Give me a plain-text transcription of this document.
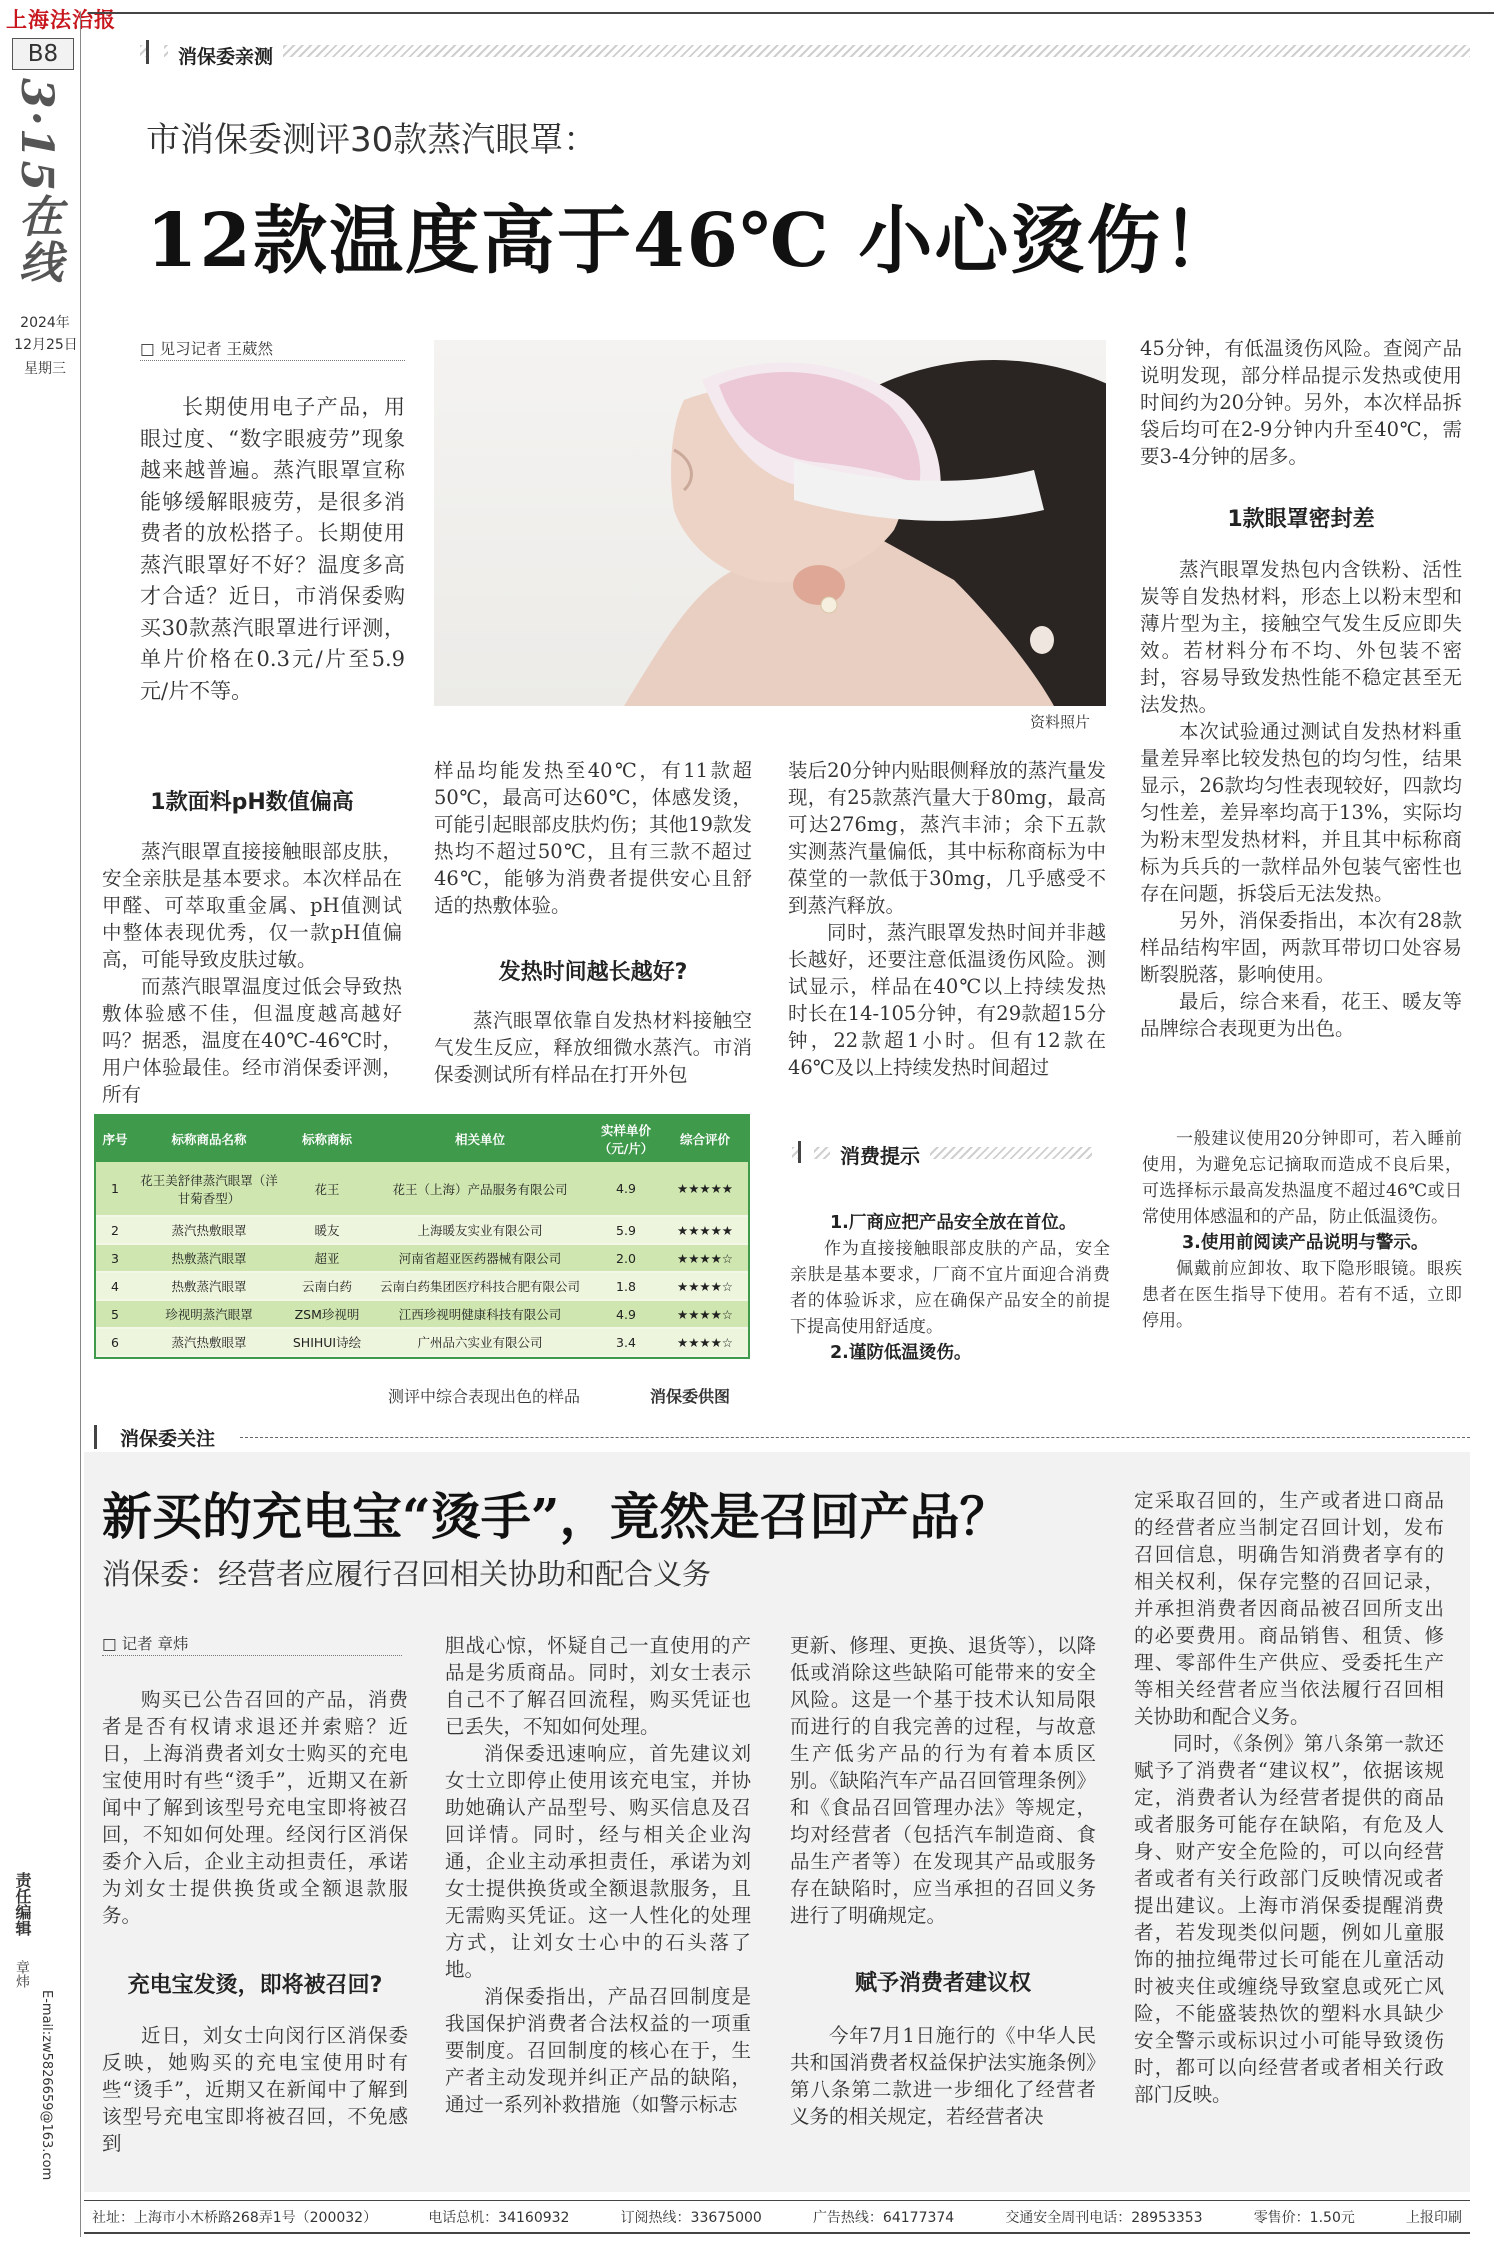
上海法治报
B8
3·15在线
2024年
12月25日
星期三
责任编辑
章炜
E-mail:zw5826659@163.com
消保委亲测
市消保委测评30款蒸汽眼罩：
12款温度高于46℃ 小心烫伤！
□ 见习记者 王葳然

长期使用电子产品，用眼过度、“数字眼疲劳”现象越来越普遍。蒸汽眼罩宣称能够缓解眼疲劳，是很多消费者的放松搭子。长期使用蒸汽眼罩好不好？温度多高才合适？近日，市消保委购买30款蒸汽眼罩进行评测，单片价格在0.3元/片至5.9元/片不等。

资料照片

45分钟，有低温烫伤风险。查阅产品说明发现，部分样品提示发热或使用时间约为20分钟。另外，本次样品拆袋后均可在2-9分钟内升至40℃，需要3-4分钟的居多。

1款眼罩密封差

蒸汽眼罩发热包内含铁粉、活性炭等自发热材料，形态上以粉末型和薄片型为主，接触空气发生反应即失效。若材料分布不均、外包装不密封，容易导致发热性能不稳定甚至无法发热。

本次试验通过测试自发热材料重量差异率比较发热包的均匀性，结果显示，26款均匀性表现较好，四款均匀性差，差异率均高于13%，实际均为粉末型发热材料，并且其中标称商标为兵兵的一款样品外包装气密性也存在问题，拆袋后无法发热。

另外，消保委指出，本次有28款样品结构牢固，两款耳带切口处容易断裂脱落，影响使用。

最后，综合来看，花王、暖友等品牌综合表现更为出色。

1款面料pH数值偏高

蒸汽眼罩直接接触眼部皮肤，安全亲肤是基本要求。本次样品在甲醛、可萃取重金属、pH值测试中整体表现优秀，仅一款pH值偏高，可能导致皮肤过敏。

而蒸汽眼罩温度过低会导致热敷体验感不佳，但温度越高越好吗？据悉，温度在40℃-46℃时，用户体验最佳。经市消保委评测，所有

样品均能发热至40℃，有11款超50℃，最高可达60℃，体感发烫，可能引起眼部皮肤灼伤；其他19款发热均不超过50℃，且有三款不超过46℃，能够为消费者提供安心且舒适的热敷体验。

发热时间越长越好?

蒸汽眼罩依靠自发热材料接触空气发生反应，释放细微水蒸汽。市消保委测试所有样品在打开外包

装后20分钟内贴眼侧释放的蒸汽量发现，有25款蒸汽量大于80mg，最高可达276mg，蒸汽丰沛；余下五款实测蒸汽量偏低，其中标称商标为中葆堂的一款低于30mg，几乎感受不到蒸汽释放。

同时，蒸汽眼罩发热时间并非越长越好，还要注意低温烫伤风险。测试显示，样品在40℃以上持续发热时长在14-105分钟，有29款超15分钟，22款超1小时。但有12款在46℃及以上持续发热时间超过

序号	标称商品名称	标称商标	相关单位	实样单价（元/片）	综合评价
1	花王美舒律蒸汽眼罩（洋甘菊香型）	花王	花王（上海）产品服务有限公司	4.9	★★★★★
2	蒸汽热敷眼罩	暖友	上海暖友实业有限公司	5.9	★★★★★
3	热敷蒸汽眼罩	超亚	河南省超亚医药器械有限公司	2.0	★★★★☆
4	热敷蒸汽眼罩	云南白药	云南白药集团医疗科技合肥有限公司	1.8	★★★★☆
5	珍视明蒸汽眼罩	ZSM珍视明	江西珍视明健康科技有限公司	4.9	★★★★☆
6	蒸汽热敷眼罩	SHIHUI诗绘	广州品六实业有限公司	3.4	★★★★☆
测评中综合表现出色的样品	消保委供图
消费提示
1.厂商应把产品安全放在首位。
作为直接接触眼部皮肤的产品，安全亲肤是基本要求，厂商不宜片面迎合消费者的体验诉求，应在确保产品安全的前提下提高使用舒适度。
2.谨防低温烫伤。
一般建议使用20分钟即可，若入睡前使用，为避免忘记摘取而造成不良后果，可选择标示最高发热温度不超过46℃或日常使用体感温和的产品，防止低温烫伤。
3.使用前阅读产品说明与警示。
佩戴前应卸妆、取下隐形眼镜。眼疾患者在医生指导下使用。若有不适，立即停用。
消保委关注
新买的充电宝“烫手”，竟然是召回产品？
消保委：经营者应履行召回相关协助和配合义务
□ 记者 章炜

购买已公告召回的产品，消费者是否有权请求退还并索赔？近日，上海消费者刘女士购买的充电宝使用时有些“烫手”，近期又在新闻中了解到该型号充电宝即将被召回，不知如何处理。经闵行区消保委介入后，企业主动担责任，承诺为刘女士提供换货或全额退款服务。

充电宝发烫，即将被召回?

近日，刘女士向闵行区消保委反映，她购买的充电宝使用时有些“烫手”，近期又在新闻中了解到该型号充电宝即将被召回，不免感到

胆战心惊，怀疑自己一直使用的产品是劣质商品。同时，刘女士表示自己不了解召回流程，购买凭证也已丢失，不知如何处理。

消保委迅速响应，首先建议刘女士立即停止使用该充电宝，并协助她确认产品型号、购买信息及召回详情。同时，经与相关企业沟通，企业主动承担责任，承诺为刘女士提供换货或全额退款服务，且无需购买凭证。这一人性化的处理方式，让刘女士心中的石头落了地。

消保委指出，产品召回制度是我国保护消费者合法权益的一项重要制度。召回制度的核心在于，生产者主动发现并纠正产品的缺陷，通过一系列补救措施（如警示标志

更新、修理、更换、退货等），以降低或消除这些缺陷可能带来的安全风险。这是一个基于技术认知局限而进行的自我完善的过程，与故意生产低劣产品的行为有着本质区别。《缺陷汽车产品召回管理条例》和《食品召回管理办法》等规定，均对经营者（包括汽车制造商、食品生产者等）在发现其产品或服务存在缺陷时，应当承担的召回义务进行了明确规定。

赋予消费者建议权

今年7月1日施行的《中华人民共和国消费者权益保护法实施条例》第八条第二款进一步细化了经营者义务的相关规定，若经营者决

定采取召回的，生产或者进口商品的经营者应当制定召回计划，发布召回信息，明确告知消费者享有的相关权利，保存完整的召回记录，并承担消费者因商品被召回所支出的必要费用。商品销售、租赁、修理、零部件生产供应、受委托生产等相关经营者应当依法履行召回相关协助和配合义务。

同时，《条例》第八条第一款还赋予了消费者“建议权”，依据该规定，消费者认为经营者提供的商品或者服务可能存在缺陷，有危及人身、财产安全危险的，可以向经营者或者有关行政部门反映情况或者提出建议。上海市消保委提醒消费者，若发现类似问题，例如儿童服饰的抽拉绳带过长可能在儿童活动时被夹住或缠绕导致窒息或死亡风险，不能盛装热饮的塑料水具缺少安全警示或标识过小可能导致烫伤时，都可以向经营者或者相关行政部门反映。

社址：上海市小木桥路268弄1号（200032）	电话总机：34160932	订阅热线：33675000	广告热线：64177374	交通安全周刊电话：28953353	零售价：1.50元	上报印刷
